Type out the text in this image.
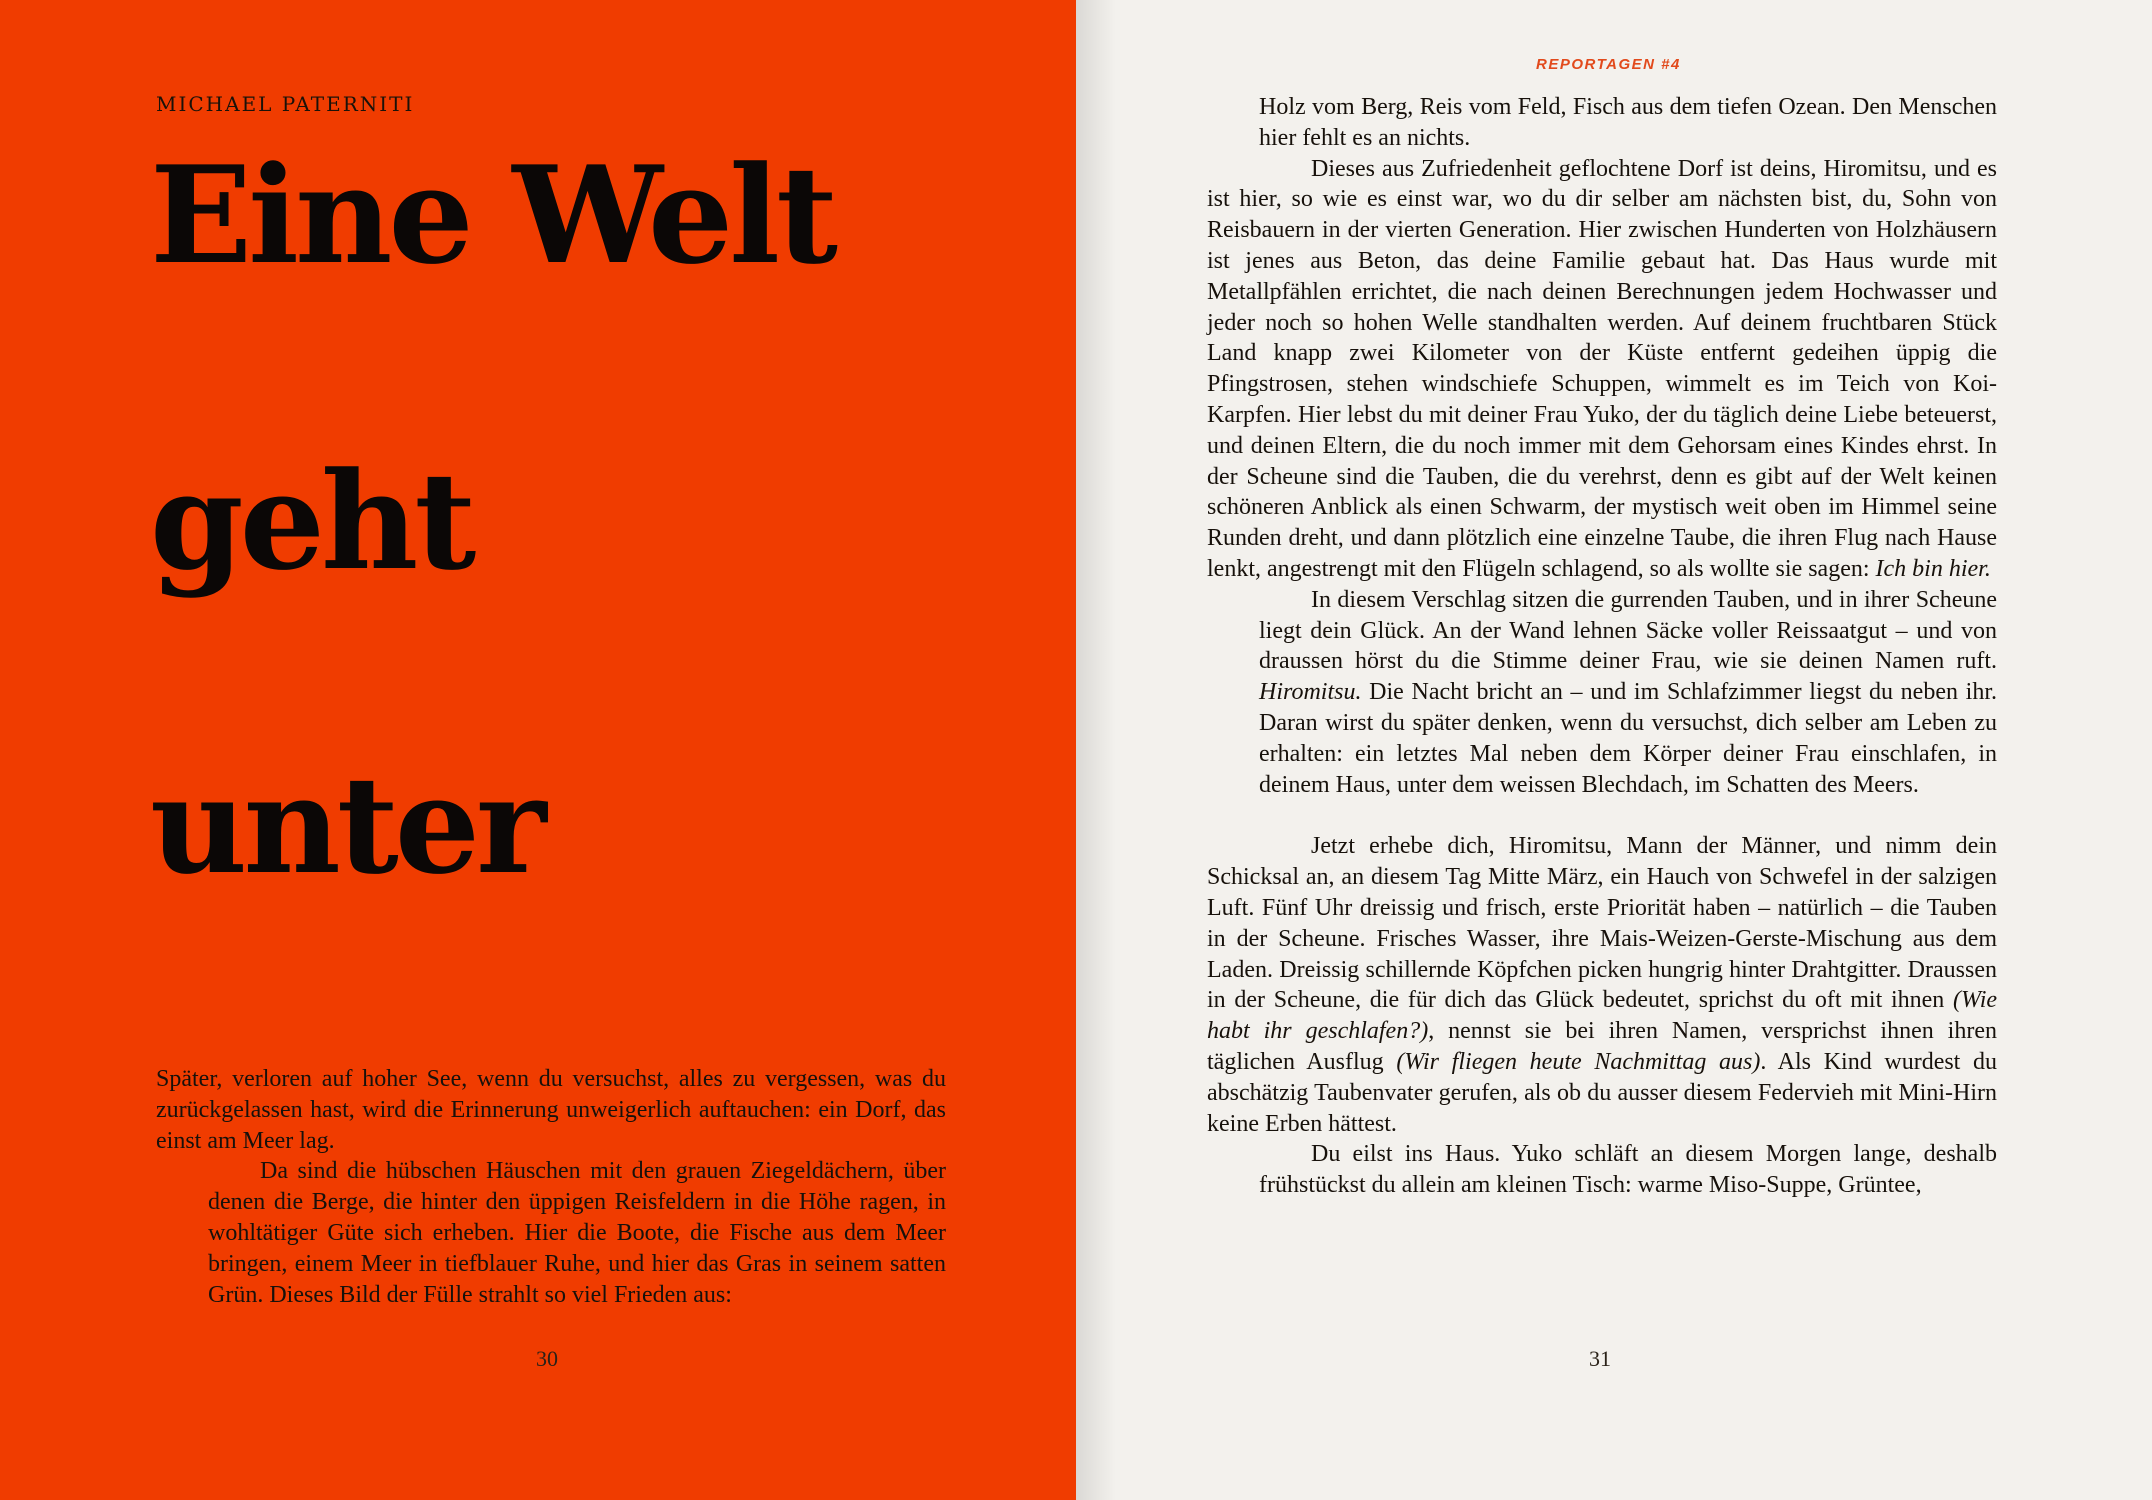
MICHAEL PATERNITI
Eine Welt
geht
unter

Später, verloren auf hoher See, wenn du versuchst, alles zu vergessen, was du zurückgelassen hast, wird die Erinnerung unweigerlich auftauchen: ein Dorf, das einst am Meer lag.

Da sind die hübschen Häuschen mit den grauen Ziegeldächern, über denen die Berge, die hinter den üppigen Reisfeldern in die Höhe ragen, in wohltätiger Güte sich erheben. Hier die Boote, die Fische aus dem Meer bringen, einem Meer in tiefblauer Ruhe, und hier das Gras in seinem satten Grün. Dieses Bild der Fülle strahlt so viel Frieden aus:

30
REPORTAGEN #4

Holz vom Berg, Reis vom Feld, Fisch aus dem tiefen Ozean. Den Menschen hier fehlt es an nichts.

Dieses aus Zufriedenheit geflochtene Dorf ist deins, Hiromitsu, und es ist hier, so wie es einst war, wo du dir selber am nächsten bist, du, Sohn von Reisbauern in der vierten Generation. Hier zwischen Hunderten von Holzhäusern ist jenes aus Beton, das deine Familie gebaut hat. Das Haus wurde mit Metallpfählen errichtet, die nach deinen Berechnungen jedem Hochwasser und jeder noch so hohen Welle standhalten werden. Auf deinem fruchtbaren Stück Land knapp zwei Kilometer von der Küste entfernt gedeihen üppig die Pfingstrosen, stehen windschiefe Schuppen, wimmelt es im Teich von Koi-Karpfen. Hier lebst du mit deiner Frau Yuko, der du täglich deine Liebe beteuerst, und deinen Eltern, die du noch immer mit dem Gehorsam eines Kindes ehrst. In der Scheune sind die Tauben, die du verehrst, denn es gibt auf der Welt keinen schöneren Anblick als einen Schwarm, der mystisch weit oben im Himmel seine Runden dreht, und dann plötzlich eine einzelne Taube, die ihren Flug nach Hause lenkt, angestrengt mit den Flügeln schlagend, so als wollte sie sagen: Ich bin hier.

In diesem Verschlag sitzen die gurrenden Tauben, und in ihrer Scheune liegt dein Glück. An der Wand lehnen Säcke voller Reissaatgut – und von draussen hörst du die Stimme deiner Frau, wie sie deinen Namen ruft. Hiromitsu. Die Nacht bricht an – und im Schlafzimmer liegst du neben ihr. Daran wirst du später denken, wenn du versuchst, dich selber am Leben zu erhalten: ein letztes Mal neben dem Körper deiner Frau einschlafen, in deinem Haus, unter dem weissen Blechdach, im Schatten des Meers.

Jetzt erhebe dich, Hiromitsu, Mann der Männer, und nimm dein Schicksal an, an diesem Tag Mitte März, ein Hauch von Schwefel in der salzigen Luft. Fünf Uhr dreissig und frisch, erste Priorität haben – natürlich – die Tauben in der Scheune. Frisches Wasser, ihre Mais-Weizen-Gerste-Mischung aus dem Laden. Dreissig schillernde Köpfchen picken hungrig hinter Drahtgitter. Draussen in der Scheune, die für dich das Glück bedeutet, sprichst du oft mit ihnen (Wie habt ihr geschlafen?), nennst sie bei ihren Namen, versprichst ihnen ihren täglichen Ausflug (Wir fliegen heute Nachmittag aus). Als Kind wurdest du abschätzig Taubenvater gerufen, als ob du ausser diesem Federvieh mit Mini-Hirn keine Erben hättest.

Du eilst ins Haus. Yuko schläft an diesem Morgen lange, deshalb frühstückst du allein am kleinen Tisch: warme Miso-Suppe, Grüntee,

31
